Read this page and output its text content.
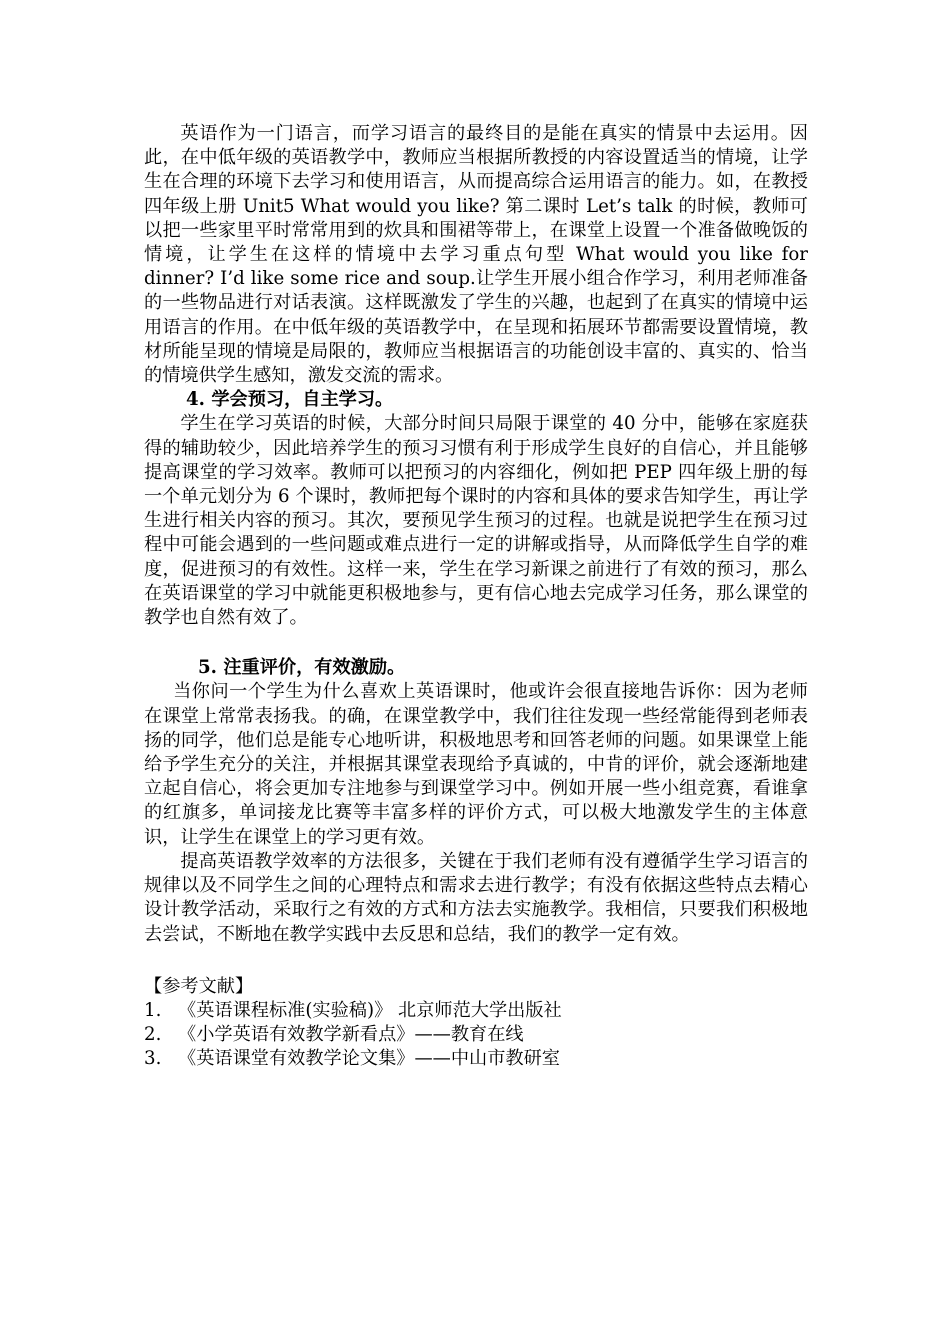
英语作为一门语言，而学习语言的最终目的是能在真实的情景中去运用。因此，在中低年级的英语教学中，教师应当根据所教授的内容设置适当的情境，让学生在合理的环境下去学习和使用语言，从而提高综合运用语言的能力。如，在教授四年级上册 Unit5 What would you like? 第二课时 Let’s talk 的时候，教师可以把一些家里平时常常用到的炊具和围裙等带上，在课堂上设置一个准备做晚饭的情境，让学生在这样的情境中去学习重点句型 What would you like for dinner? I’d like some rice and soup.让学生开展小组合作学习，利用老师准备的一些物品进行对话表演。这样既激发了学生的兴趣，也起到了在真实的情境中运用语言的作用。在中低年级的英语教学中，在呈现和拓展环节都需要设置情境，教材所能呈现的情境是局限的，教师应当根据语言的功能创设丰富的、真实的、恰当的情境供学生感知，激发交流的需求。

4. 学会预习，自主学习。

学生在学习英语的时候，大部分时间只局限于课堂的 40 分中，能够在家庭获得的辅助较少，因此培养学生的预习习惯有利于形成学生良好的自信心，并且能够提高课堂的学习效率。教师可以把预习的内容细化，例如把 PEP 四年级上册的每一个单元划分为 6 个课时，教师把每个课时的内容和具体的要求告知学生，再让学生进行相关内容的预习。其次，要预见学生预习的过程。也就是说把学生在预习过程中可能会遇到的一些问题或难点进行一定的讲解或指导，从而降低学生自学的难度，促进预习的有效性。这样一来，学生在学习新课之前进行了有效的预习，那么在英语课堂的学习中就能更积极地参与，更有信心地去完成学习任务，那么课堂的教学也自然有效了。

5. 注重评价，有效激励。

当你问一个学生为什么喜欢上英语课时，他或许会很直接地告诉你：因为老师在课堂上常常表扬我。的确，在课堂教学中，我们往往发现一些经常能得到老师表扬的同学，他们总是能专心地听讲，积极地思考和回答老师的问题。如果课堂上能给予学生充分的关注，并根据其课堂表现给予真诚的，中肯的评价，就会逐渐地建立起自信心，将会更加专注地参与到课堂学习中。例如开展一些小组竞赛，看谁拿的红旗多，单词接龙比赛等丰富多样的评价方式，可以极大地激发学生的主体意识，让学生在课堂上的学习更有效。

提高英语教学效率的方法很多，关键在于我们老师有没有遵循学生学习语言的规律以及不同学生之间的心理特点和需求去进行教学；有没有依据这些特点去精心设计教学活动，采取行之有效的方式和方法去实施教学。我相信，只要我们积极地去尝试，不断地在教学实践中去反思和总结，我们的教学一定有效。

【参考文献】

1. 《英语课程标准(实验稿)》 北京师范大学出版社
2. 《小学英语有效教学新看点》——教育在线
3. 《英语课堂有效教学论文集》——中山市教研室
